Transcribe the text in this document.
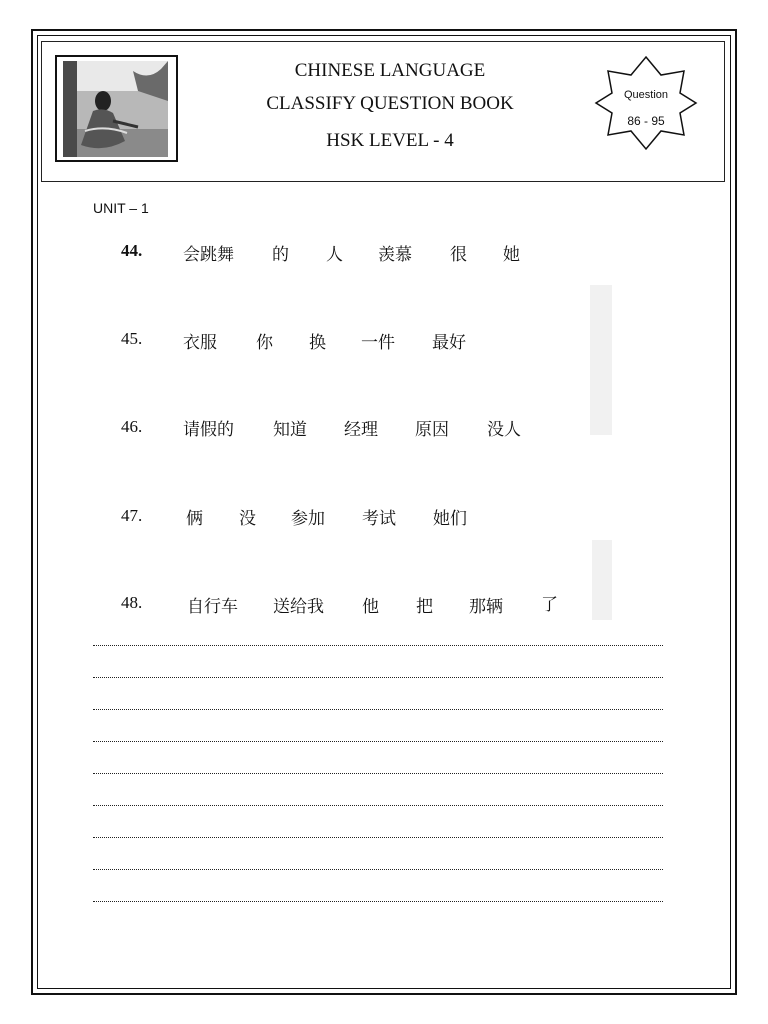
CHINESE LANGUAGE
CLASSIFY QUESTION BOOK
HSK LEVEL - 4
Question
86 - 95
UNIT – 1
44. 会跳舞 的 人 羡慕 很 她
45. 衣服 你 换 一件 最好
46. 请假的 知道 经理 原因 没人
47.	俩 没 参加 考试 她们
48.	自行车 送给我 他 把 那辆 了
